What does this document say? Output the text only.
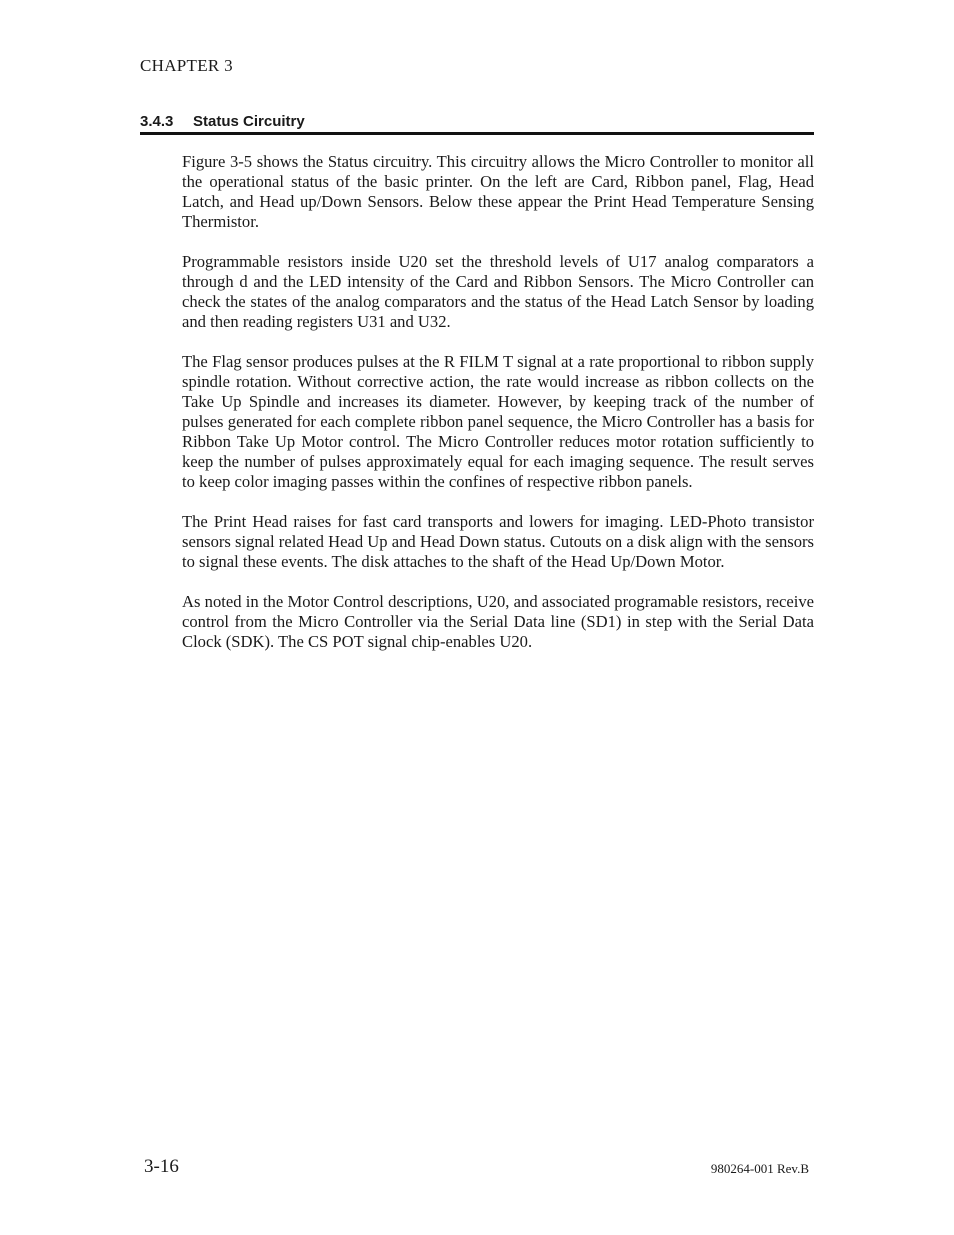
CHAPTER 3
3.4.3 Status Circuitry

Figure 3-5 shows the Status circuitry. This circuitry allows the Micro Controller to monitor all the operational status of the basic printer. On the left are Card, Ribbon panel, Flag, Head Latch, and Head up/Down Sensors. Below these appear the Print Head Temperature Sensing Thermistor.

Programmable resistors inside U20 set the threshold levels of U17 analog comparators a through d and the LED intensity of the Card and Ribbon Sensors. The Micro Controller can check the states of the analog comparators and the status of the Head Latch Sensor by loading and then reading registers U31 and U32.

The Flag sensor produces pulses at the R FILM T signal at a rate proportional to ribbon supply spindle rotation. Without corrective action, the rate would increase as ribbon collects on the Take Up Spindle and increases its diameter. However, by keeping track of the number of pulses generated for each complete ribbon panel sequence, the Micro Controller has a basis for Ribbon Take Up Motor control. The Micro Controller reduces motor rotation sufficiently to keep the number of pulses approximately equal for each imaging sequence. The result serves to keep color imaging passes within the confines of respective ribbon panels.

The Print Head raises for fast card transports and lowers for imaging. LED-Photo transistor sensors signal related Head Up and Head Down status. Cutouts on a disk align with the sensors to signal these events. The disk attaches to the shaft of the Head Up/Down Motor.

As noted in the Motor Control descriptions, U20, and associated programable resistors, receive control from the Micro Controller via the Serial Data line (SD1) in step with the Serial Data Clock (SDK). The CS POT signal chip-enables U20.

3-16	980264-001 Rev.B
